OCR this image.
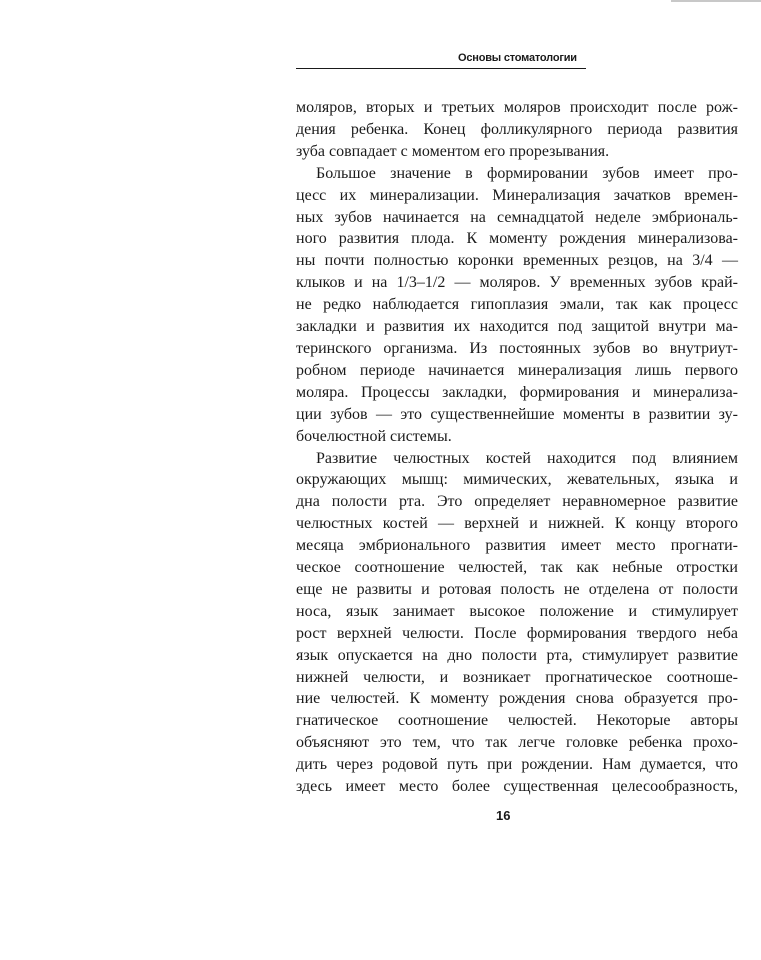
Основы стоматологии

моляров, вторых и третьих моляров происходит после рож-
дения ребенка. Конец фолликулярного периода развития
зуба совпадает с моментом его прорезывания.

Большое значение в формировании зубов имеет про-
цесс их минерализации. Минерализация зачатков времен-
ных зубов начинается на семнадцатой неделе эмбриональ-
ного развития плода. К моменту рождения минерализова-
ны почти полностью коронки временных резцов, на 3/4 —
клыков и на 1/3–1/2 — моляров. У временных зубов край-
не редко наблюдается гипоплазия эмали, так как процесс
закладки и развития их находится под защитой внутри ма-
теринского организма. Из постоянных зубов во внутриут-
робном периоде начинается минерализация лишь первого
моляра. Процессы закладки, формирования и минерализа-
ции зубов — это существеннейшие моменты в развитии зу-
бочелюстной системы.

Развитие челюстных костей находится под влиянием
окружающих мышц: мимических, жевательных, языка и
дна полости рта. Это определяет неравномерное развитие
челюстных костей — верхней и нижней. К концу второго
месяца эмбрионального развития имеет место прогнати-
ческое соотношение челюстей, так как небные отростки
еще не развиты и ротовая полость не отделена от полости
носа, язык занимает высокое положение и стимулирует
рост верхней челюсти. После формирования твердого неба
язык опускается на дно полости рта, стимулирует развитие
нижней челюсти, и возникает прогнатическое соотноше-
ние челюстей. К моменту рождения снова образуется про-
гнатическое соотношение челюстей. Некоторые авторы
объясняют это тем, что так легче головке ребенка прохо-
дить через родовой путь при рождении. Нам думается, что
здесь имеет место более существенная целесообразность,

16
